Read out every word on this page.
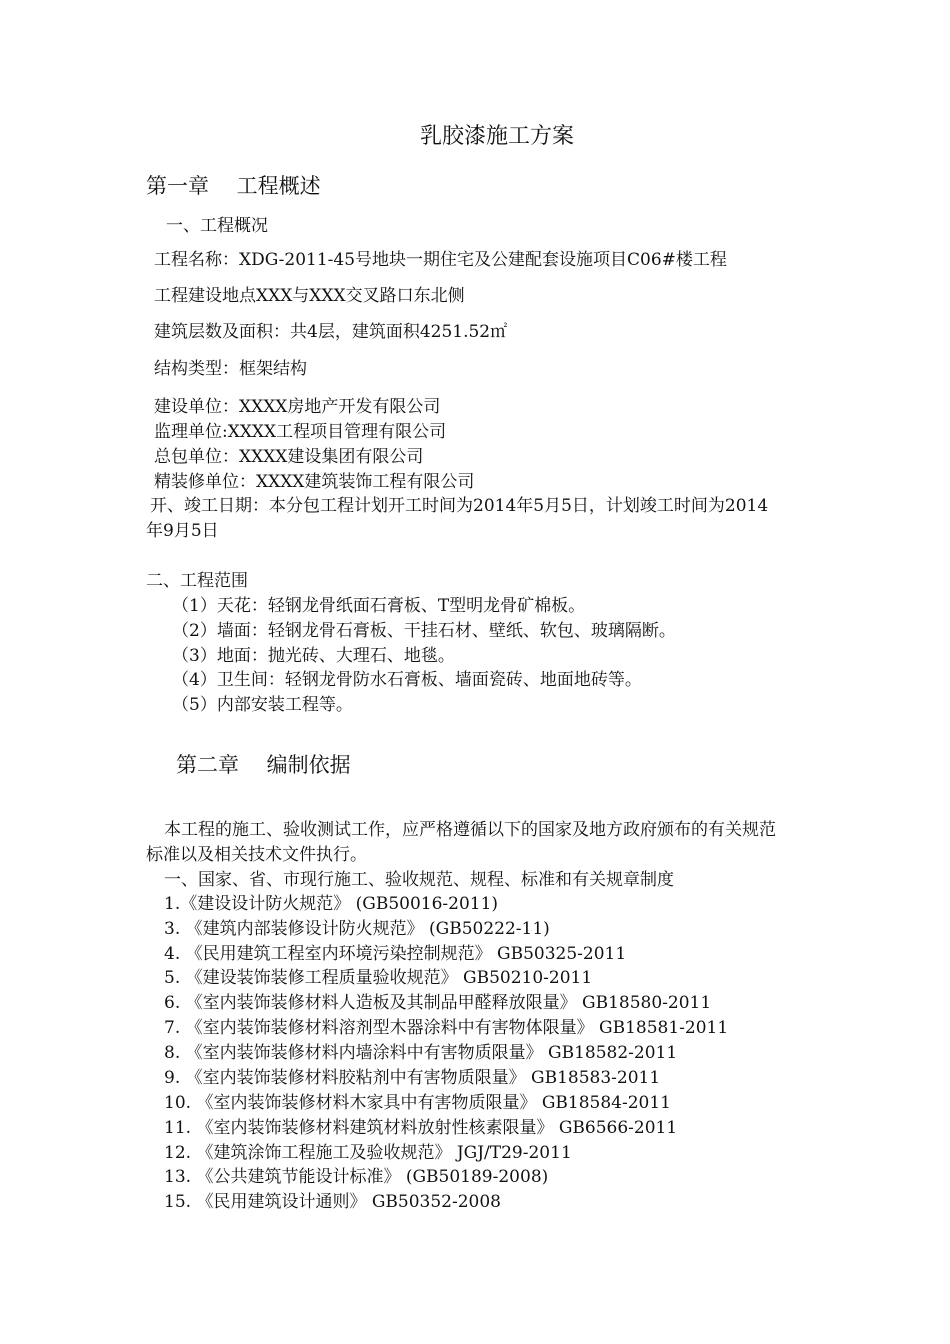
乳胶漆施工方案
第一章　 工程概述
一、工程概况
工程名称：XDG-2011-45号地块一期住宅及公建配套设施项目C06#楼工程
工程建设地点XXX与XXX交叉路口东北侧
建筑层数及面积：共4层，建筑面积4251.52㎡
结构类型：框架结构
建设单位：XXXX房地产开发有限公司
监理单位:XXXX工程项目管理有限公司
总包单位：XXXX建设集团有限公司
精装修单位：XXXX建筑装饰工程有限公司
开、竣工日期：本分包工程计划开工时间为2014年5月5日，计划竣工时间为2014
年9月5日
二、工程范围
（1）天花：轻钢龙骨纸面石膏板、T型明龙骨矿棉板。
（2）墙面：轻钢龙骨石膏板、干挂石材、壁纸、软包、玻璃隔断。
（3）地面：抛光砖、大理石、地毯。
（4）卫生间：轻钢龙骨防水石膏板、墙面瓷砖、地面地砖等。
（5）内部安装工程等。
第二章　 编制依据
本工程的施工、验收测试工作，应严格遵循以下的国家及地方政府颁布的有关规范
标准以及相关技术文件执行。
一、国家、省、市现行施工、验收规范、规程、标准和有关规章制度
1.《建设设计防火规范》 (GB50016-2011)
3. 《建筑内部装修设计防火规范》 (GB50222-11)
4. 《民用建筑工程室内环境污染控制规范》 GB50325-2011
5. 《建设装饰装修工程质量验收规范》 GB50210-2011
6. 《室内装饰装修材料人造板及其制品甲醛释放限量》 GB18580-2011
7. 《室内装饰装修材料溶剂型木器涂料中有害物体限量》 GB18581-2011
8. 《室内装饰装修材料内墙涂料中有害物质限量》 GB18582-2011
9. 《室内装饰装修材料胶粘剂中有害物质限量》 GB18583-2011
10. 《室内装饰装修材料木家具中有害物质限量》 GB18584-2011
11. 《室内装饰装修材料建筑材料放射性核素限量》 GB6566-2011
12. 《建筑涂饰工程施工及验收规范》 JGJ/T29-2011
13. 《公共建筑节能设计标准》 (GB50189-2008)
15. 《民用建筑设计通则》 GB50352-2008
